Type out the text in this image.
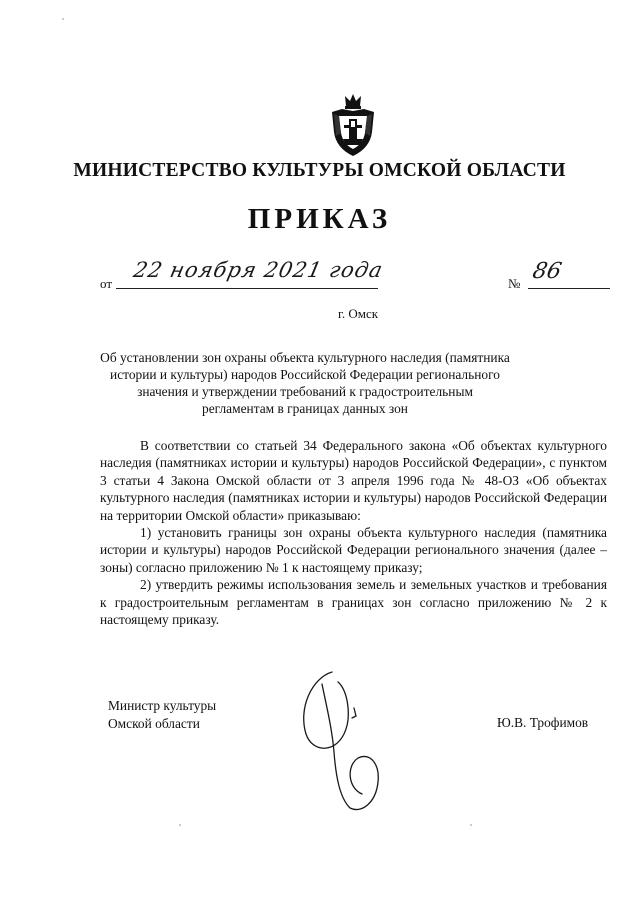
МИНИСТЕРСТВО КУЛЬТУРЫ ОМСКОЙ ОБЛАСТИ
ПРИКАЗ
от
22 ноября 2021 года
№ 86
г. Омск
Об установлении зон охраны объекта культурного наследия (памятника истории и культуры) народов Российской Федерации регионального значения и утверждении требований к градостроительным регламентам в границах данных зон

В соответствии со статьей 34 Федерального закона «Об объектах культурного наследия (памятниках истории и культуры) народов Российской Федерации», с пунктом 3 статьи 4 Закона Омской области от 3 апреля 1996 года № 48-ОЗ «Об объектах культурного наследия (памятниках истории и культуры) народов Российской Федерации на территории Омской области» приказываю:

1) установить границы зон охраны объекта культурного наследия (памятника истории и культуры) народов Российской Федерации регионального значения (далее – зоны) согласно приложению № 1 к настоящему приказу;

2) утвердить режимы использования земель и земельных участков и требования к градостроительным регламентам в границах зон согласно приложению № 2 к настоящему приказу.

Министр культуры
Омской области	Ю.В. Трофимов
